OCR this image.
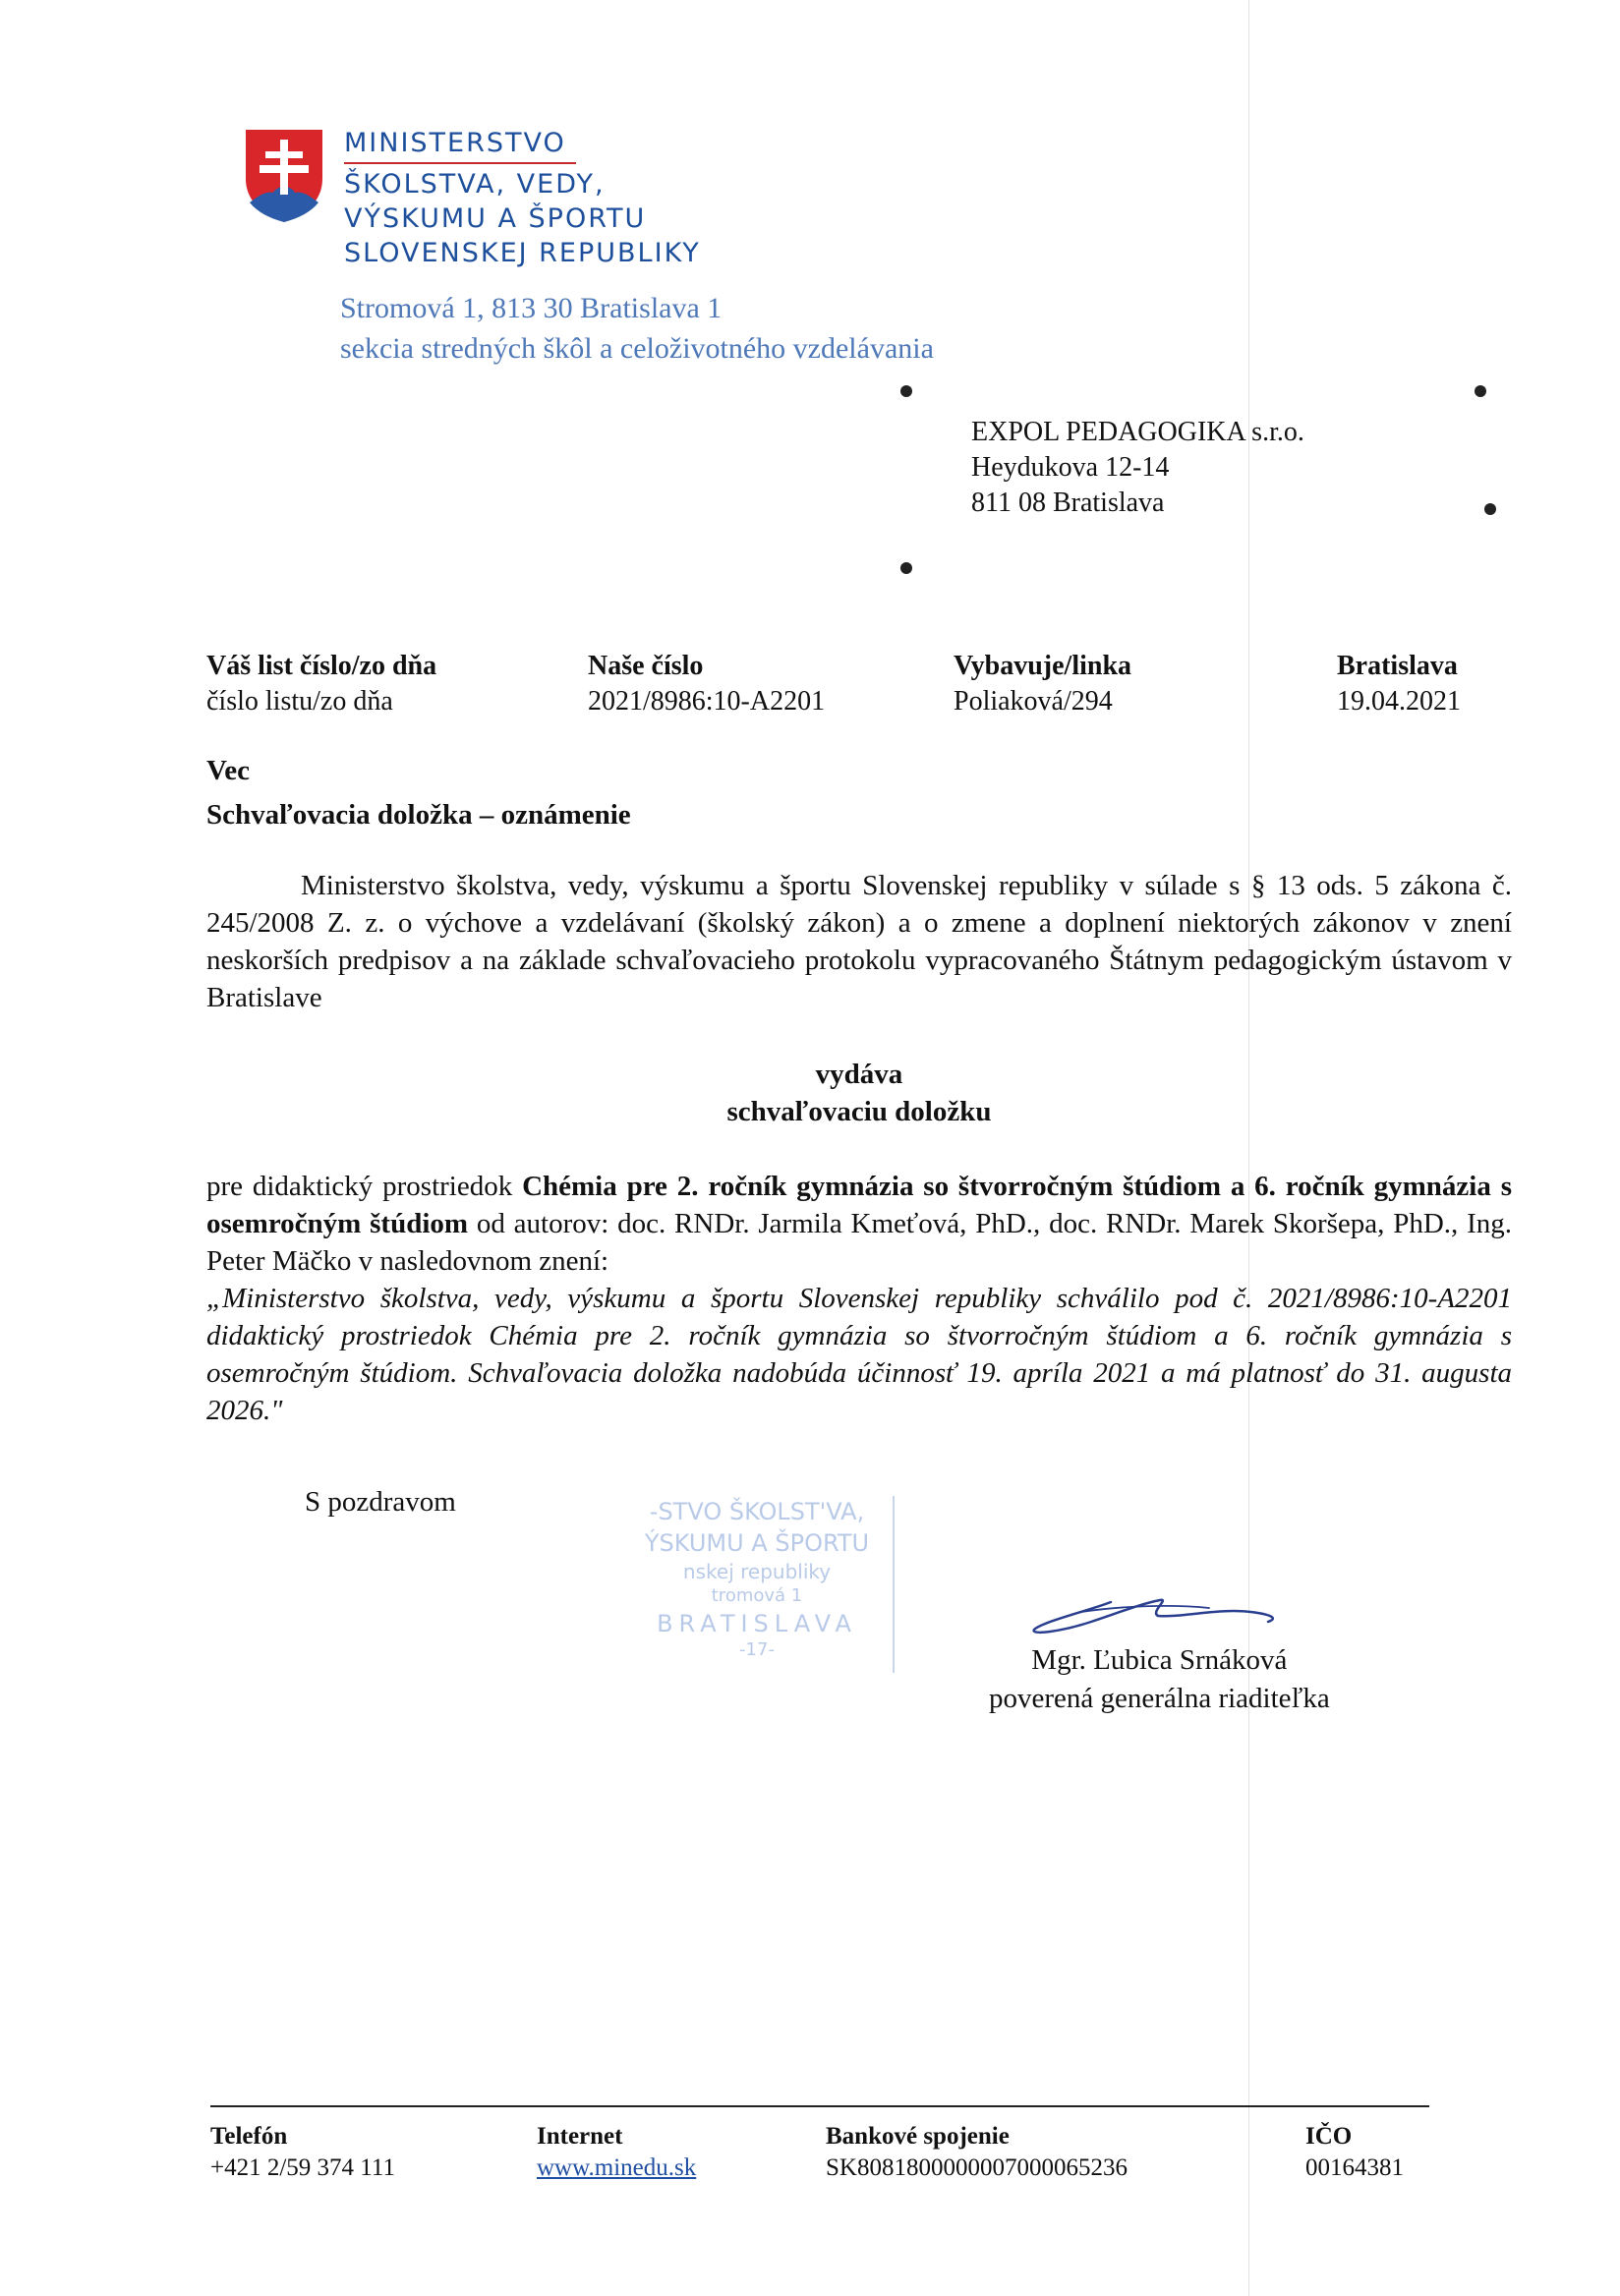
MINISTERSTVO
ŠKOLSTVA, VEDY,
VÝSKUMU A ŠPORTU
SLOVENSKEJ REPUBLIKY
Stromová 1, 813 30 Bratislava 1
sekcia stredných škôl a celoživotného vzdelávania
EXPOL PEDAGOGIKA s.r.o.
Heydukova 12-14
811 08 Bratislava
Váš list číslo/zo dňa
číslo listu/zo dňa
Naše číslo
2021/8986:10-A2201
Vybavuje/linka
Poliaková/294
Bratislava
19.04.2021
Vec
Schvaľovacia doložka – oznámenie
Ministerstvo školstva, vedy, výskumu a športu Slovenskej republiky v súlade s § 13 ods. 5 zákona č. 245/2008 Z. z. o výchove a vzdelávaní (školský zákon) a o zmene a doplnení niektorých zákonov v znení neskorších predpisov a na základe schvaľovacieho protokolu vypracovaného Štátnym pedagogickým ústavom v Bratislave
vydáva
schvaľovaciu doložku
pre didaktický prostriedok Chémia pre 2. ročník gymnázia so štvorročným štúdiom a 6. ročník gymnázia s osemročným štúdiom od autorov: doc. RNDr. Jarmila Kmeťová, PhD., doc. RNDr. Marek Skoršepa, PhD., Ing. Peter Mäčko v nasledovnom znení:
„Ministerstvo školstva, vedy, výskumu a športu Slovenskej republiky schválilo pod č. 2021/8986:10-A2201 didaktický prostriedok Chémia pre 2. ročník gymnázia so štvorročným štúdiom a 6. ročník gymnázia s osemročným štúdiom. Schvaľovacia doložka nadobúda účinnosť 19. apríla 2021 a má platnosť do 31. augusta 2026."
S pozdravom	-STVO ŠKOLST'VA,
ÝSKUMU A ŠPORTU
nskej republiky
tromová 1
BRATISLAVA
-17-	Mgr. Ľubica Srnáková
poverená generálna riaditeľka
Telefón
+421 2/59 374 111
Internet
www.minedu.sk
Bankové spojenie
SK8081800000007000065236
IČO
00164381
